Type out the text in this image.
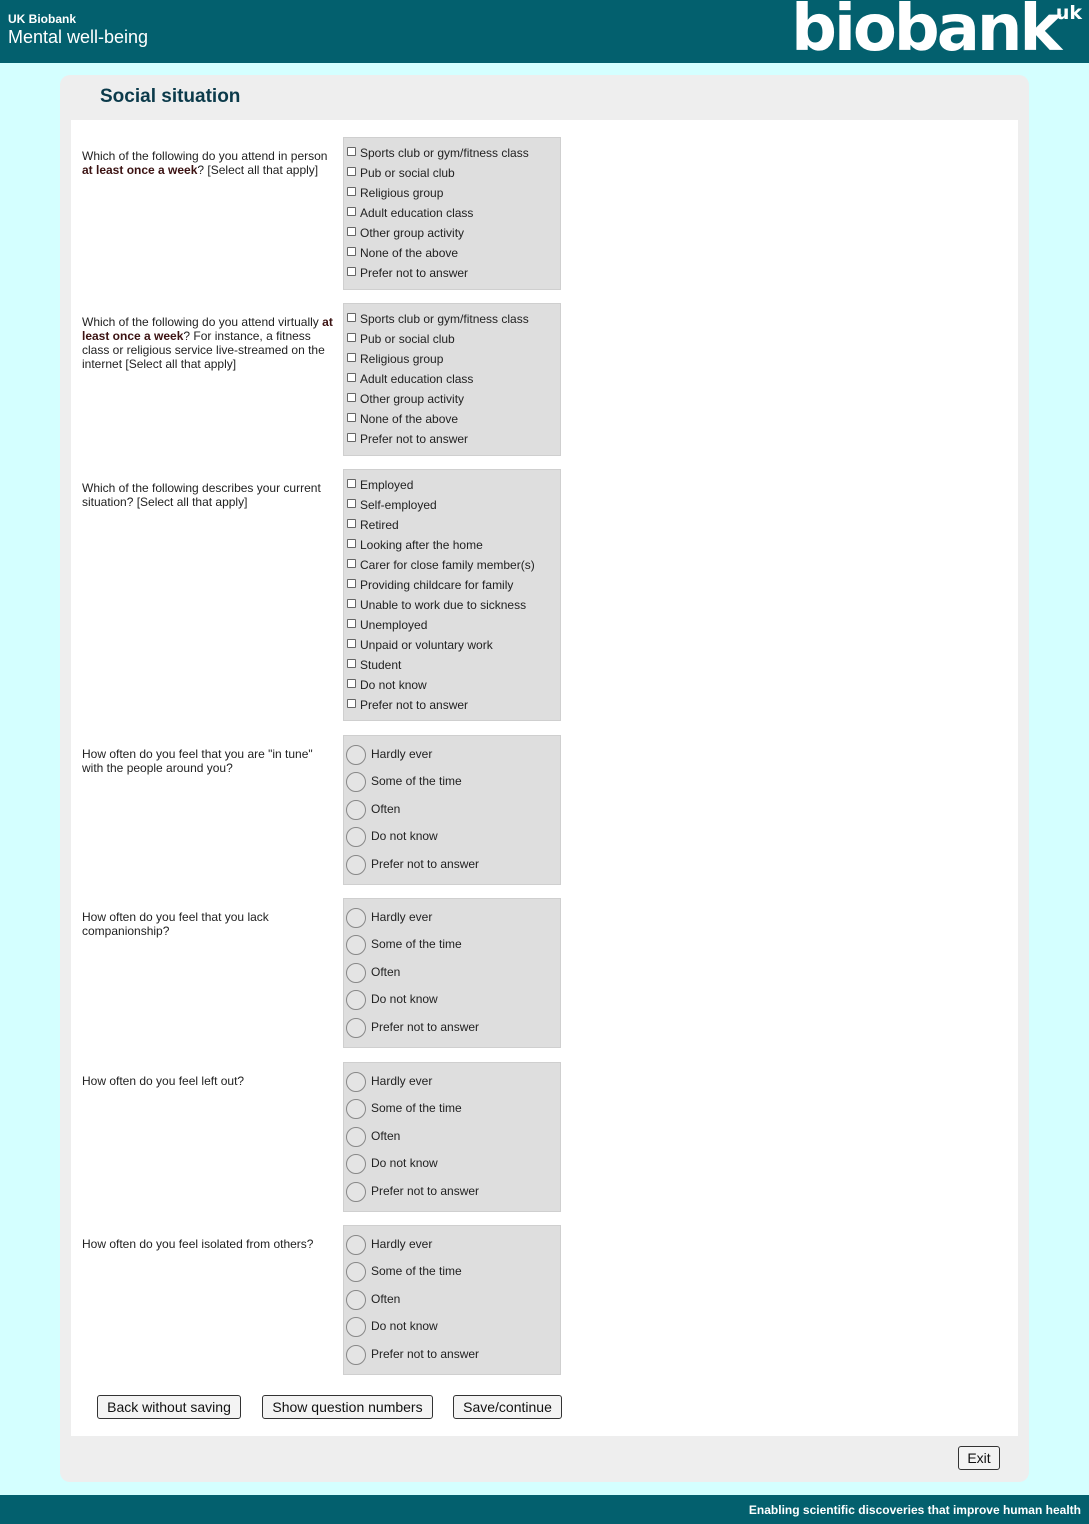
UK Biobank
Mental well-being	biobank
uk
Social situation
Which of the following do you attend in person at least once a week? [Select all that apply]
Sports club or gym/fitness class
Pub or social club
Religious group
Adult education class
Other group activity
None of the above
Prefer not to answer
Which of the following do you attend virtually at least once a week? For instance, a fitness class or religious service live-streamed on the internet [Select all that apply]
Sports club or gym/fitness class
Pub or social club
Religious group
Adult education class
Other group activity
None of the above
Prefer not to answer
Which of the following describes your current situation? [Select all that apply]
Employed
Self-employed
Retired
Looking after the home
Carer for close family member(s)
Providing childcare for family
Unable to work due to sickness
Unemployed
Unpaid or voluntary work
Student
Do not know
Prefer not to answer
How often do you feel that you are "in tune" with the people around you?
Hardly ever
Some of the time
Often
Do not know
Prefer not to answer
How often do you feel that you lack companionship?
Hardly ever
Some of the time
Often
Do not know
Prefer not to answer
How often do you feel left out?	Hardly ever
Some of the time
Often
Do not know
Prefer not to answer
How often do you feel isolated from others?	Hardly ever
Some of the time
Often
Do not know
Prefer not to answer
Back without saving	Show question numbers	Save/continue
Exit
Enabling scientific discoveries that improve human health
